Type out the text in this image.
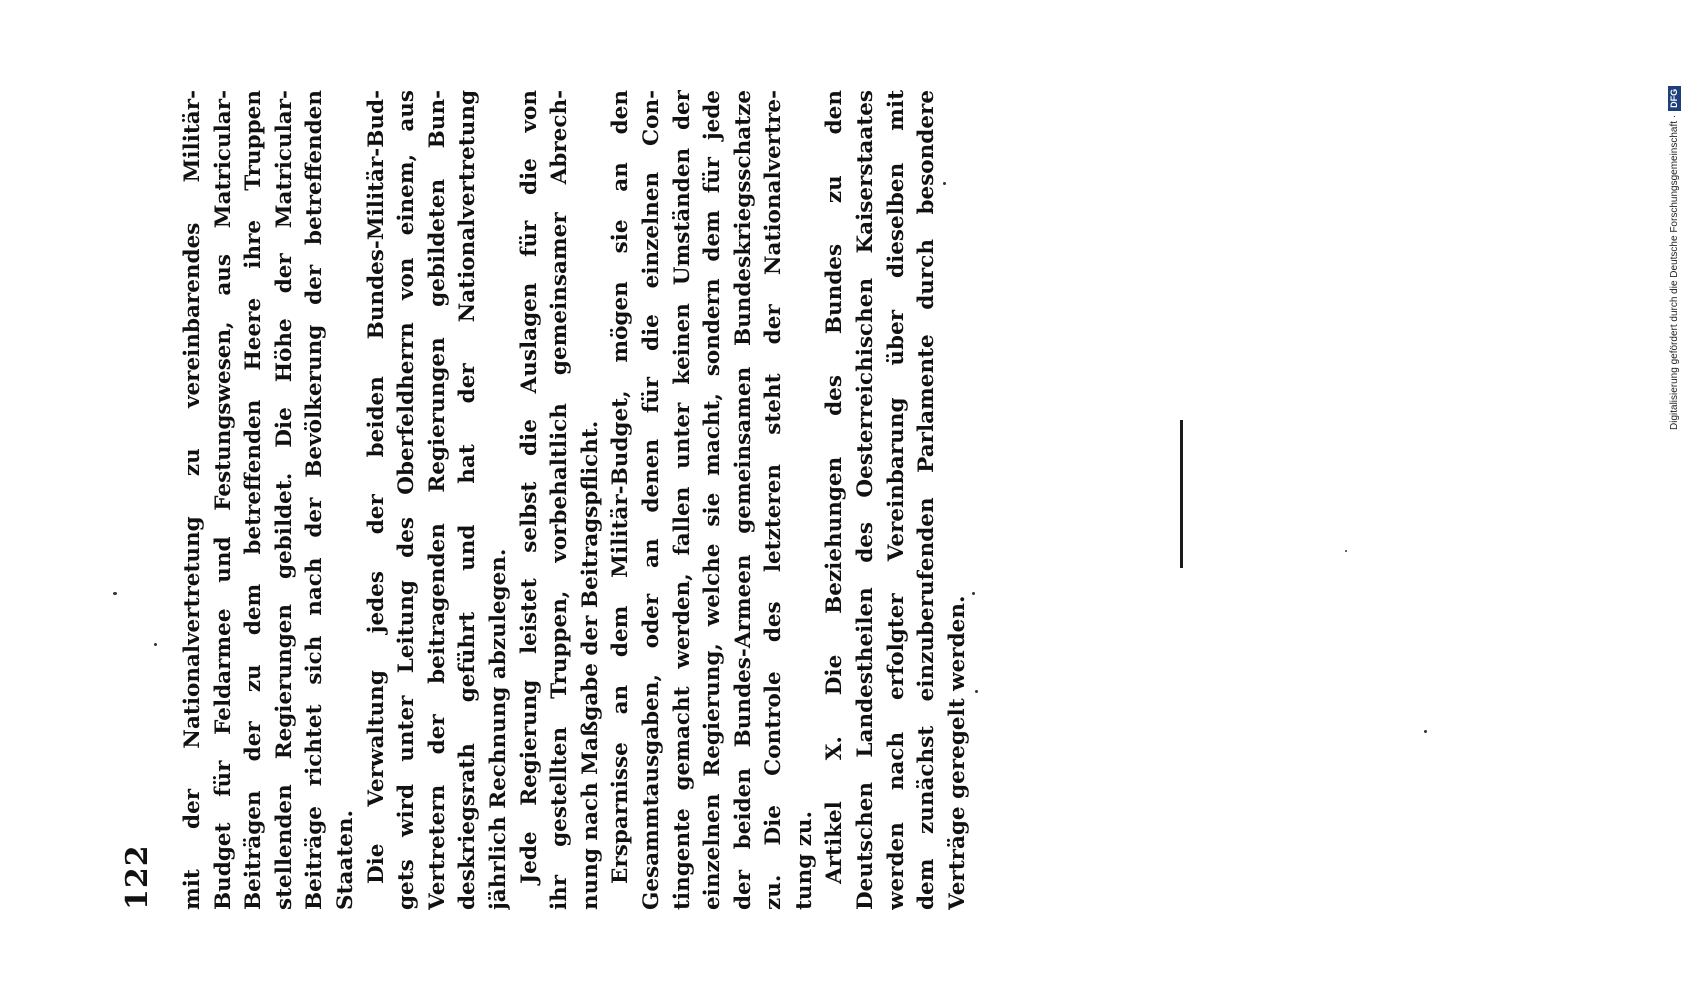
122 mit der Nationalvertretung zu vereinbarendes Militär- Budget für Feldarmee und Festungswesen, aus Matricular- Beiträgen der zu dem betreffenden Heere ihre Truppen stellenden Regierungen gebildet. Die Höhe der Matricular- Beiträge richtet sich nach der Bevölkerung der betreffenden Staaten. Die Verwaltung jedes der beiden Bundes-Militär-Bud- gets wird unter Leitung des Oberfeldherrn von einem, aus Vertretern der beitragenden Regierungen gebildeten Bun- deskriegsrath geführt und hat der Nationalvertretung jährlich Rechnung abzulegen. Jede Regierung leistet selbst die Auslagen für die von ihr gestellten Truppen, vorbehaltlich gemeinsamer Abrech- nung nach Maßgabe der Beitragspflicht. Ersparnisse an dem Militär-Budget, mögen sie an den Gesammtausgaben, oder an denen für die einzelnen Con- tingente gemacht werden, fallen unter keinen Umständen der einzelnen Regierung, welche sie macht, sondern dem für jede der beiden Bundes-Armeen gemeinsamen Bundeskriegsschatze zu. Die Controle des letzteren steht der Nationalvertre- tung zu. Artikel X. Die Beziehungen des Bundes zu den Deutschen Landestheilen des Oesterreichischen Kaiserstaates werden nach erfolgter Vereinbarung über dieselben mit dem zunächst einzuberufenden Parlamente durch besondere Verträge geregelt werden.
Digitalisierung gefördert durch die Deutsche Forschungsgemeinschaft ·
DFG
